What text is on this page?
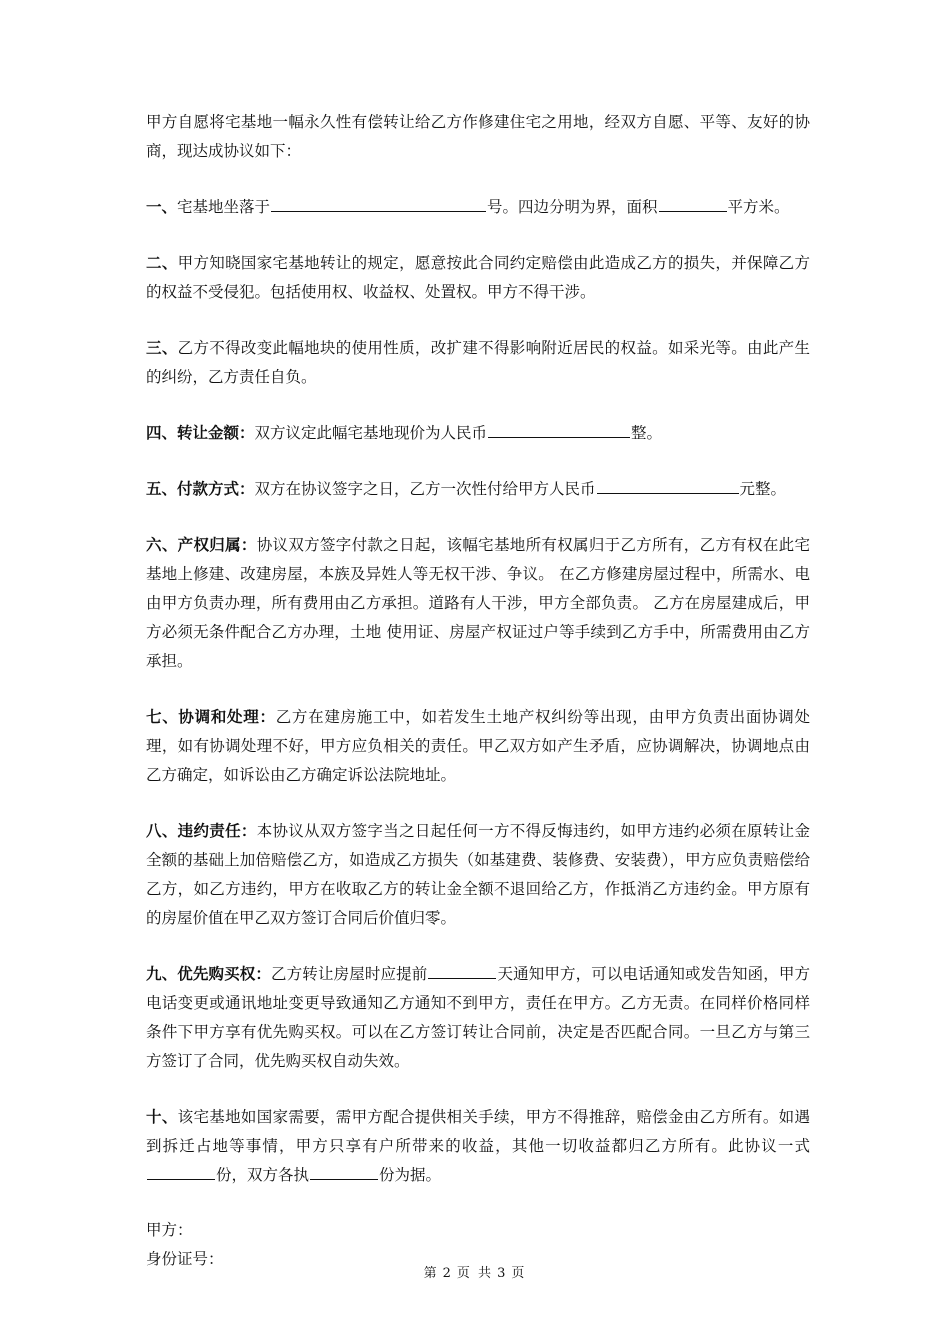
甲方自愿将宅基地一幅永久性有偿转让给乙方作修建住宅之用地，经双方自愿、平等、友好的协商，现达成协议如下：

一、宅基地坐落于	号。四边分明为界，面积	平方米。

二、甲方知晓国家宅基地转让的规定，愿意按此合同约定赔偿由此造成乙方的损失，并保障乙方的权益不受侵犯。包括使用权、收益权、处置权。甲方不得干涉。

三、乙方不得改变此幅地块的使用性质，改扩建不得影响附近居民的权益。如采光等。由此产生的纠纷，乙方责任自负。

四、转让金额：双方议定此幅宅基地现价为人民币	整。

五、付款方式：双方在协议签字之日，乙方一次性付给甲方人民币	元整。

六、产权归属：协议双方签字付款之日起，该幅宅基地所有权属归于乙方所有，乙方有权在此宅基地上修建、改建房屋，本族及异姓人等无权干涉、争议。 在乙方修建房屋过程中，所需水、电由甲方负责办理，所有费用由乙方承担。道路有人干涉，甲方全部负责。 乙方在房屋建成后，甲方必须无条件配合乙方办理，土地 使用证、房屋产权证过户等手续到乙方手中，所需费用由乙方承担。

七、协调和处理：乙方在建房施工中，如若发生土地产权纠纷等出现，由甲方负责出面协调处理，如有协调处理不好，甲方应负相关的责任。甲乙双方如产生矛盾，应协调解决，协调地点由乙方确定，如诉讼由乙方确定诉讼法院地址。

八、违约责任：本协议从双方签字当之日起任何一方不得反悔违约，如甲方违约必须在原转让金全额的基础上加倍赔偿乙方，如造成乙方损失（如基建费、装修费、安装费），甲方应负责赔偿给乙方，如乙方违约，甲方在收取乙方的转让金全额不退回给乙方，作抵消乙方违约金。甲方原有的房屋价值在甲乙双方签订合同后价值归零。

九、优先购买权：乙方转让房屋时应提前	天通知甲方，可以电话通知或发告知函，甲方电话变更或通讯地址变更导致通知乙方通知不到甲方，责任在甲方。乙方无责。在同样价格同样条件下甲方享有优先购买权。可以在乙方签订转让合同前，决定是否匹配合同。一旦乙方与第三方签订了合同，优先购买权自动失效。

十、该宅基地如国家需要，需甲方配合提供相关手续，甲方不得推辞，赔偿金由乙方所有。如遇到拆迁占地等事情，甲方只享有户所带来的收益，其他一切收益都归乙方所有。此协议一式份，双方各执	份为据。

甲方：

身份证号：

第 2 页 共 3 页
